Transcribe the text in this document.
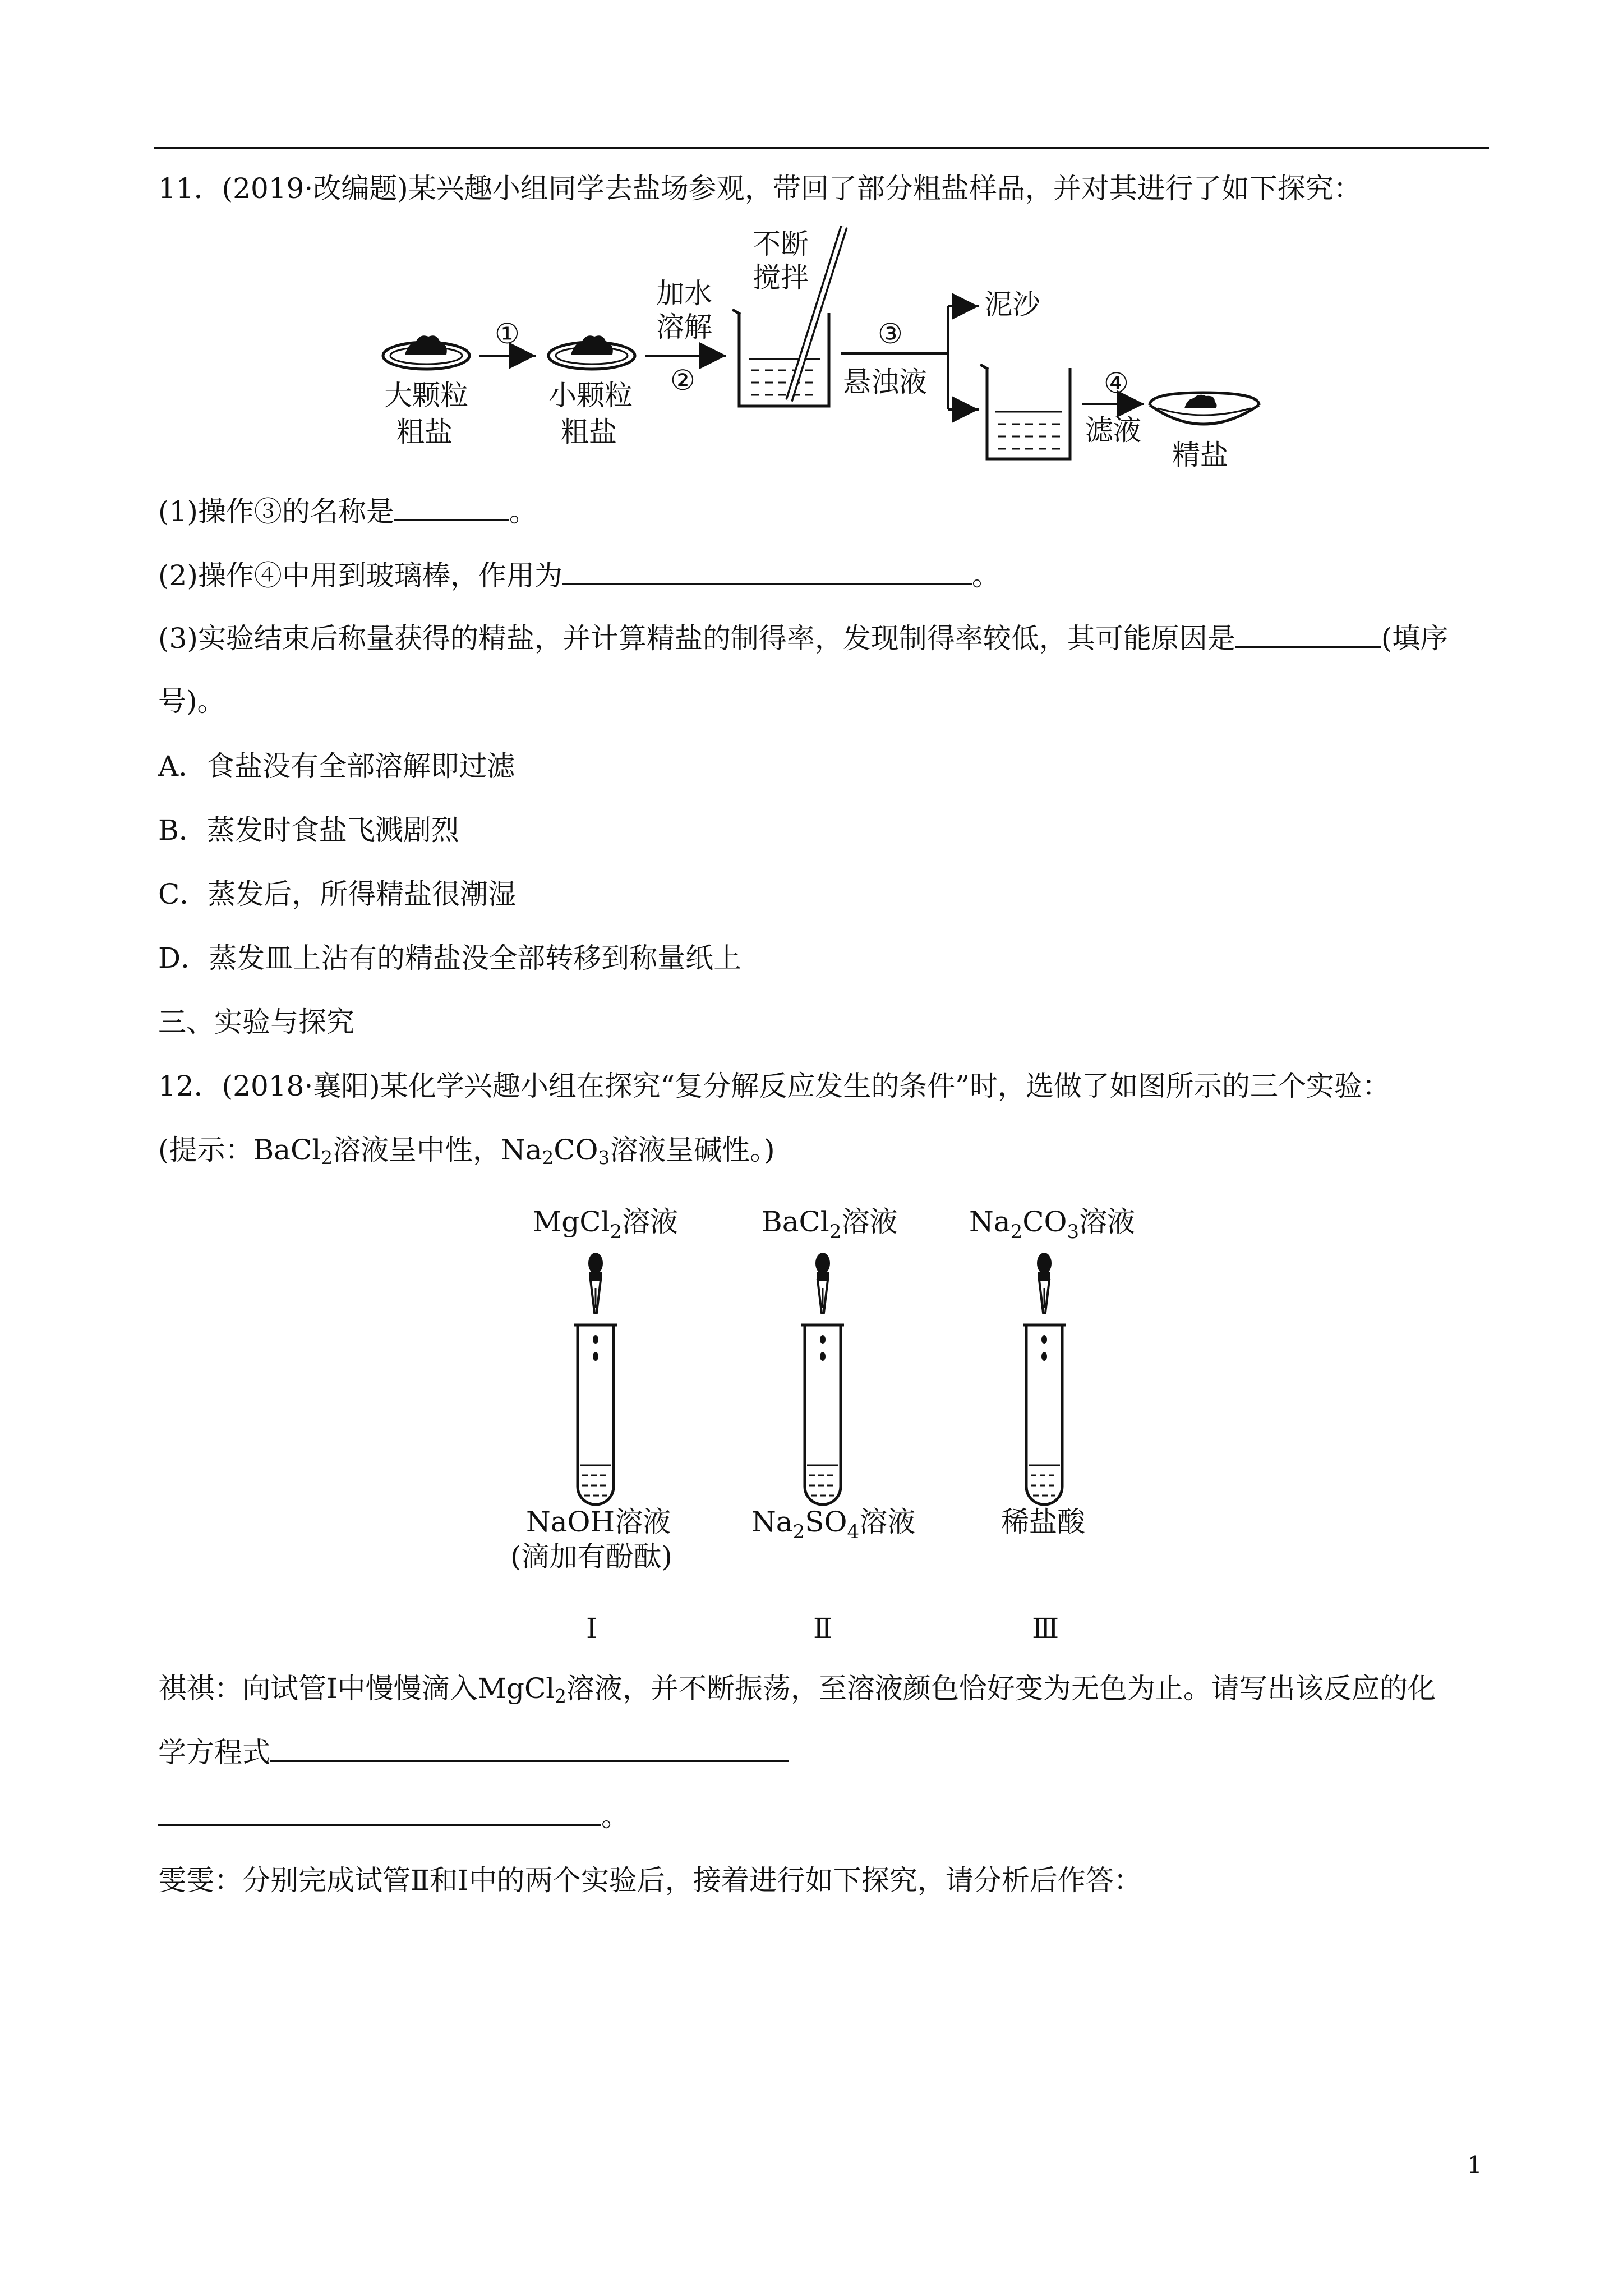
11．(2019·改编题)某兴趣小组同学去盐场参观，带回了部分粗盐样品，并对其进行了如下探究：
大颗粒
粗盐
①
小颗粒
粗盐
加水
溶解
②
不断
搅拌
③
悬浊液
泥沙
④
滤液
精盐
(1)操作③的名称是	。
(2)操作④中用到玻璃棒，作用为	。
(3)实验结束后称量获得的精盐，并计算精盐的制得率，发现制得率较低，其可能原因是	(填序
号)。
A．食盐没有全部溶解即过滤
B．蒸发时食盐飞溅剧烈
C．蒸发后，所得精盐很潮湿
D．蒸发皿上沾有的精盐没全部转移到称量纸上
三、实验与探究
12．(2018·襄阳)某化学兴趣小组在探究“复分解反应发生的条件”时，选做了如图所示的三个实验：
(提示：BaCl$_2$溶液呈中性，$Na_2CO_3$溶液呈碱性。)
MgCl$_2$溶液
NaOH溶液
(滴加有酚酞)
Ⅰ
BaCl$_2$溶液
$Na_2SO_4$溶液
Ⅱ
$Na_2CO_3$溶液
稀盐酸
Ⅲ
祺祺：向试管Ⅰ中慢慢滴入MgCl$_2$溶液，并不断振荡，至溶液颜色恰好变为无色为止。请写出该反应的化
学方程式
。
雯雯：分别完成试管Ⅱ和Ⅰ中的两个实验后，接着进行如下探究，请分析后作答：
1
